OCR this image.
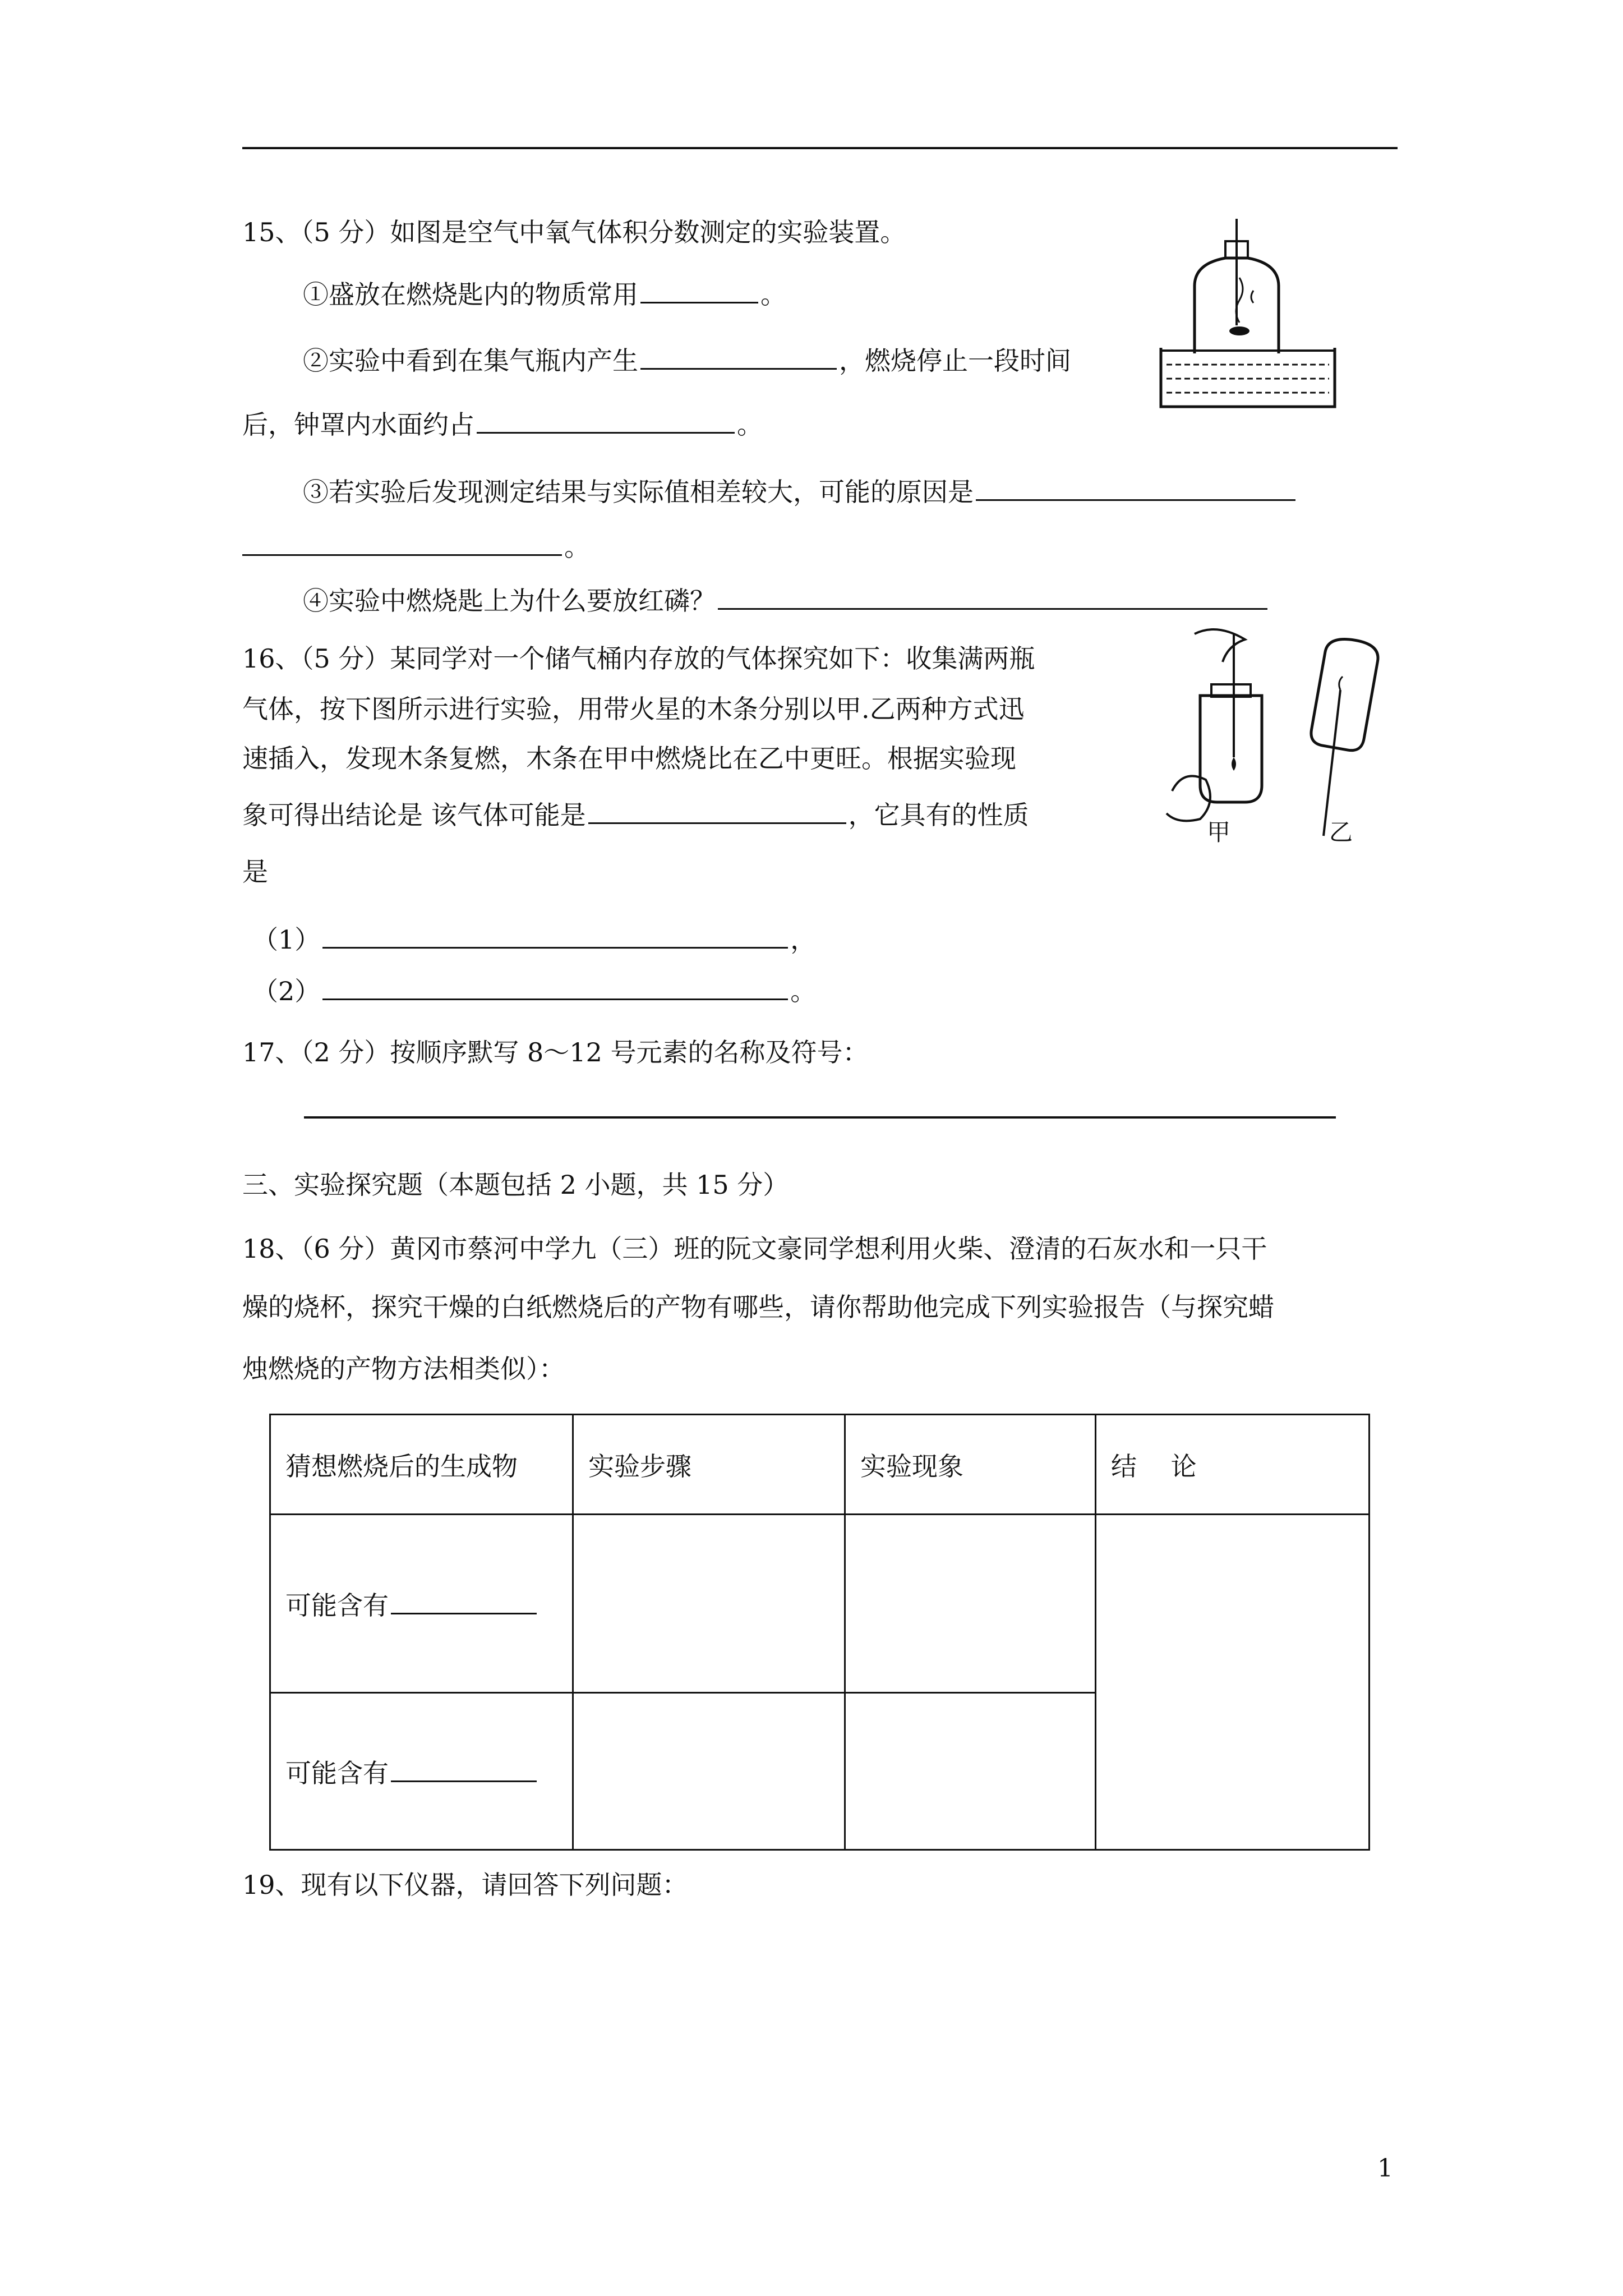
15、（5 分）如图是空气中氧气体积分数测定的实验装置。
①盛放在燃烧匙内的物质常用	。
②实验中看到在集气瓶内产生	，燃烧停止一段时间
后，钟罩内水面约占	。
③若实验后发现测定结果与实际值相差较大，可能的原因是
。
④实验中燃烧匙上为什么要放红磷？
16、（5 分）某同学对一个储气桶内存放的气体探究如下：收集满两瓶
气体，按下图所示进行实验，用带火星的木条分别以甲.乙两种方式迅
速插入，发现木条复燃，木条在甲中燃烧比在乙中更旺。根据实验现
象可得出结论是 该气体可能是	，它具有的性质
是
（1）	，
（2）	。
甲	乙
17、（2 分）按顺序默写 8～12 号元素的名称及符号：
三、实验探究题（本题包括 2 小题，共 15 分）
18、（6 分）黄冈市蔡河中学九（三）班的阮文豪同学想利用火柴、澄清的石灰水和一只干
燥的烧杯，探究干燥的白纸燃烧后的产物有哪些，请你帮助他完成下列实验报告（与探究蜡
烛燃烧的产物方法相类似）：
猜想燃烧后的生成物	实验步骤	实验现象	结　 论
可能含有			
可能含有			
19、现有以下仪器，请回答下列问题：
1
